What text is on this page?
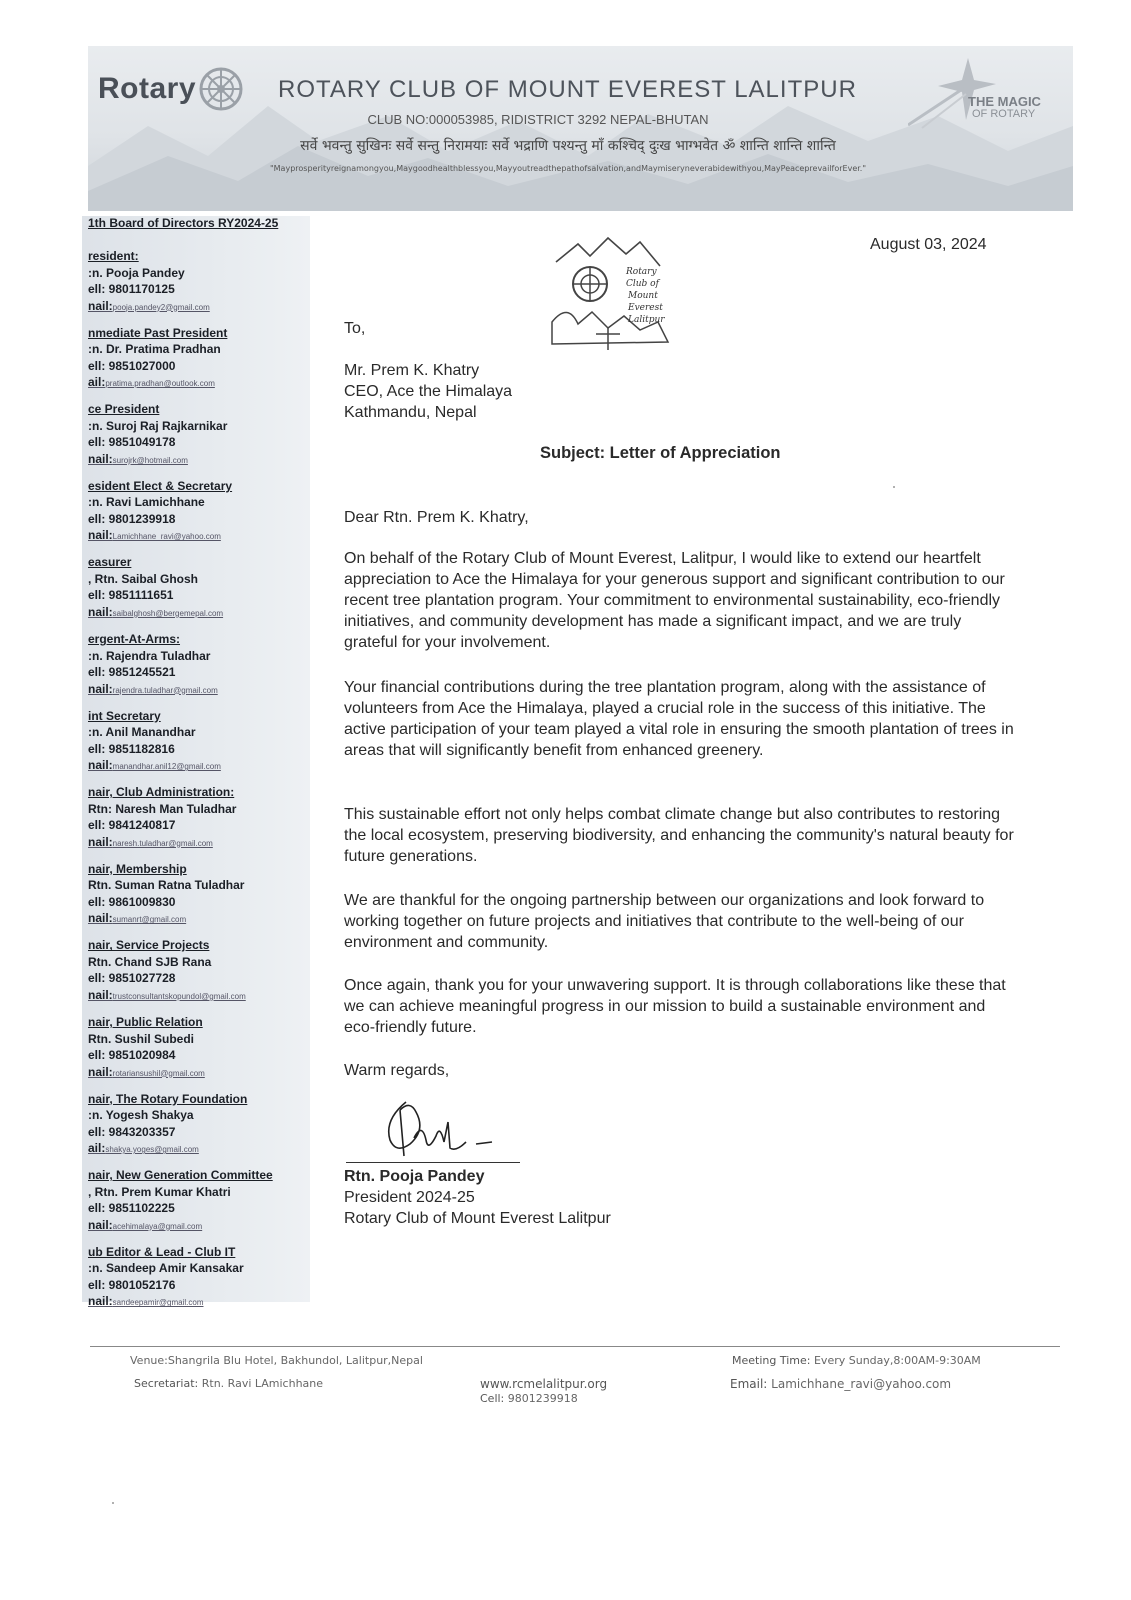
Rotary	ROTARY CLUB OF MOUNT EVEREST LALITPUR
CLUB NO:000053985, RIDISTRICT 3292 NEPAL-BHUTAN
सर्वे भवन्तु सुखिनः सर्वे सन्तु निरामयाः सर्वे भद्राणि पश्यन्तु माँ कश्चिद् दुःख भाग्भवेत ॐ शान्ति शान्ति शान्ति
"Mayprosperityreignamongyou,Maygoodhealthblessyou,Mayyoutreadthepathofsalvation,andMaymiseryneverabidewithyou,MayPeaceprevailforEver."
THE MAGIC
OF ROTARY
1th Board of Directors RY2024-25
resident:
:n. Pooja Pandey
ell: 9801170125
nail:pooja.pandey2@gmail.com
nmediate Past President
:n. Dr. Pratima Pradhan
ell: 9851027000
ail:pratima.pradhan@outlook.com
ce President
:n. Suroj Raj Rajkarnikar
ell: 9851049178
nail:surojrk@hotmail.com
esident Elect & Secretary
:n. Ravi Lamichhane
ell: 9801239918
nail:Lamichhane_ravi@yahoo.com
easurer
, Rtn. Saibal Ghosh
ell: 9851111651
nail:saibalghosh@bergemepal.com
ergent-At-Arms:
:n. Rajendra Tuladhar
ell: 9851245521
nail:rajendra.tuladhar@gmail.com
int Secretary
:n. Anil Manandhar
ell: 9851182816
nail:manandhar.anil12@gmail.com
nair, Club Administration:
Rtn: Naresh Man Tuladhar
ell: 9841240817
nail:naresh.tuladhar@gmail.com
nair, Membership
Rtn. Suman Ratna Tuladhar
ell: 9861009830
nail:sumanrt@gmail.com
nair, Service Projects
Rtn. Chand SJB Rana
ell: 9851027728
nail:trustconsultantskopundol@gmail.com
nair, Public Relation
Rtn. Sushil Subedi
ell: 9851020984
nail:rotariansushil@gmail.com
nair, The Rotary Foundation
:n. Yogesh Shakya
ell: 9843203357
ail:shakya.yoges@gmail.com
nair, New Generation Committee
, Rtn. Prem Kumar Khatri
ell: 9851102225
nail:acehimalaya@gmail.com
ub Editor & Lead - Club IT
:n. Sandeep Amir Kansakar
ell: 9801052176
nail:sandeepamir@gmail.com
Rotary
Club of
Mount
Everest
Lalitpur
August 03, 2024
To,
Mr. Prem K. Khatry
CEO, Ace the Himalaya
Kathmandu, Nepal
Subject: Letter of Appreciation
Dear Rtn. Prem K. Khatry,
On behalf of the Rotary Club of Mount Everest, Lalitpur, I would like to extend our heartfelt appreciation to Ace the Himalaya for your generous support and significant contribution to our recent tree plantation program. Your commitment to environmental sustainability, eco-friendly initiatives, and community development has made a significant impact, and we are truly grateful for your involvement.
Your financial contributions during the tree plantation program, along with the assistance of volunteers from Ace the Himalaya, played a crucial role in the success of this initiative. The active participation of your team played a vital role in ensuring the smooth plantation of trees in areas that will significantly benefit from enhanced greenery.
This sustainable effort not only helps combat climate change but also contributes to restoring the local ecosystem, preserving biodiversity, and enhancing the community's natural beauty for future generations.
We are thankful for the ongoing partnership between our organizations and look forward to working together on future projects and initiatives that contribute to the well-being of our environment and community.
Once again, thank you for your unwavering support. It is through collaborations like these that we can achieve meaningful progress in our mission to build a sustainable environment and eco-friendly future.
Warm regards,
Rtn. Pooja Pandey
President 2024-25
Rotary Club of Mount Everest Lalitpur
Venue:Shangrila Blu Hotel, Bakhundol, Lalitpur,Nepal
Secretariat: Rtn. Ravi LAmichhane	www.rcmelalitpur.org
Cell: 9801239918
Meeting Time: Every Sunday,8:00AM-9:30AM
Email: Lamichhane_ravi@yahoo.com
